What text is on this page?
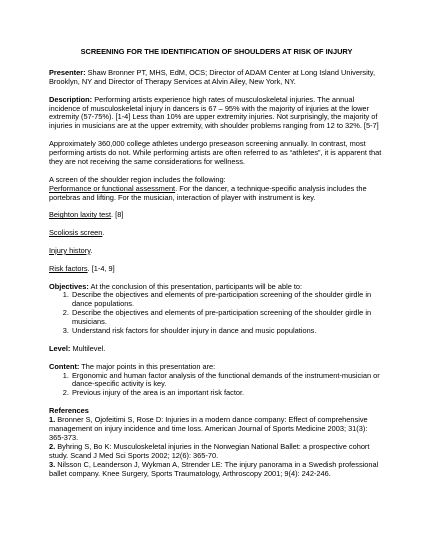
SCREENING FOR THE IDENTIFICATION OF SHOULDERS AT RISK OF INJURY

Presenter: Shaw Bronner PT, MHS, EdM, OCS; Director of ADAM Center at Long Island University, Brooklyn, NY and Director of Therapy Services at Alvin Ailey, New York, NY.

Description: Performing artists experience high rates of musculoskeletal injuries. The annual incidence of musculoskeletal injury in dancers is 67 – 95% with the majority of injuries at the lower extremity (57-75%). [1-4] Less than 10% are upper extremity injuries. Not surprisingly, the majority of injuries in musicians are at the upper extremity, with shoulder problems ranging from 12 to 32%. [5-7]

Approximately 360,000 college athletes undergo preseason screening annually. In contrast, most performing artists do not. While performing artists are often referred to as “athletes”, it is apparent that they are not receiving the same considerations for wellness.

A screen of the shoulder region includes the following:
Performance or functional assessment. For the dancer, a technique-specific analysis includes the portebras and lifting. For the musician, interaction of player with instrument is key.

Beighton laxity test. [8]

Scoliosis screen.

Injury history.

Risk factors. [1-4, 9]

Objectives: At the conclusion of this presentation, participants will be able to:
1. Describe the objectives and elements of pre-participation screening of the shoulder girdle in dance populations.
2. Describe the objectives and elements of pre-participation screening of the shoulder girdle in musicians.
3. Understand risk factors for shoulder injury in dance and music populations.

Level: Multilevel.

Content: The major points in this presentation are:
1. Ergonomic and human factor analysis of the functional demands of the instrument-musician or dance-specific activity is key.
2. Previous injury of the area is an important risk factor.
References
1. Bronner S, Ojofeitimi S, Rose D: Injuries in a modern dance company: Effect of comprehensive management on injury incidence and time loss. American Journal of Sports Medicine 2003; 31(3): 365-373.
2. Byhring S, Bo K: Musculoskeletal injuries in the Norwegian National Ballet: a prospective cohort study. Scand J Med Sci Sports 2002; 12(6): 365-70.
3. Nilsson C, Leanderson J, Wykman A, Strender LE: The injury panorama in a Swedish professional ballet company. Knee Surgery, Sports Traumatology, Arthroscopy 2001; 9(4): 242-246.
